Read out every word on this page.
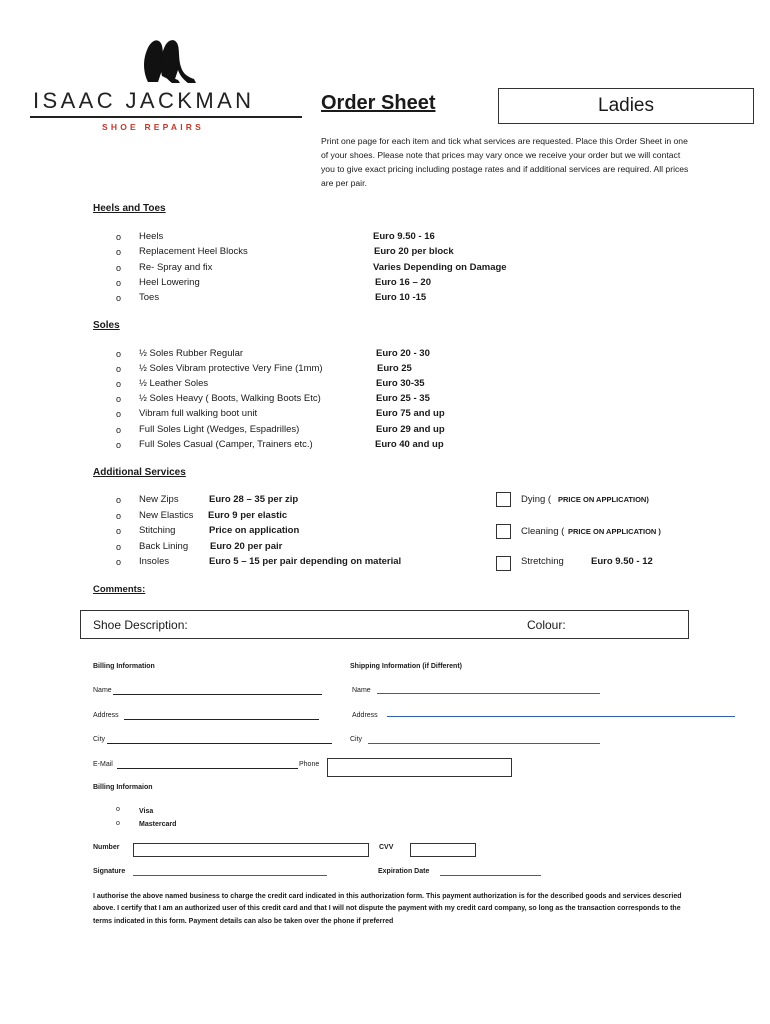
ISAAC JACKMAN
SHOE REPAIRS
Order Sheet	Ladies
Print one page for each item and tick what services are requested. Place this Order Sheet in one of your shoes. Please note that prices may vary once we receive your order but we will contact you to give exact pricing including postage rates and if additional services are required. All prices are per pair.
Heels and Toes
o Heels	Euro 9.50 - 16
o Replacement Heel Blocks	Euro 20 per block
o Re- Spray and fix	Varies Depending on Damage
o Heel Lowering	Euro 16 – 20
o Toes	Euro 10 -15
Soles
o ½ Soles Rubber Regular	Euro 20 - 30
o ½ Soles Vibram protective Very Fine (1mm)	Euro 25
o ½ Leather Soles	Euro 30-35
o ½ Soles Heavy ( Boots, Walking Boots Etc)	Euro 25 - 35
o Vibram full walking boot unit	Euro 75 and up
o Full Soles Light (Wedges, Espadrilles)	Euro 29 and up
o Full Soles Casual (Camper, Trainers etc.)	Euro 40 and up
Additional Services
o New Zips	Euro 28 – 35 per zip
o New Elastics Euro 9 per elastic
o Stitching	Price on application
o Back Lining Euro 20 per pair
o Insoles	Euro 5 – 15 per pair depending on material
Dying ( PRICE ON APPLICATION)
Cleaning ( PRICE ON APPLICATION )
Stretching	Euro 9.50 - 12
Comments:
Shoe Description:	Colour:
Billing Information	Shipping Information (if Different)
Name	Name
Address	Address
City	City
E-Mail	Phone
Billing Informaion
o	Visa
o	Mastercard
Number	CVV
Signature	Expiration Date
I authorise the above named business to charge the credit card indicated in this authorization form. This payment authorization is for the described goods and services descried above. I certify that I am an authorized user of this credit card and that I will not dispute the payment with my credit card company, so long as the transaction corresponds to the terms indicated in this form. Payment details can also be taken over the phone if preferred
